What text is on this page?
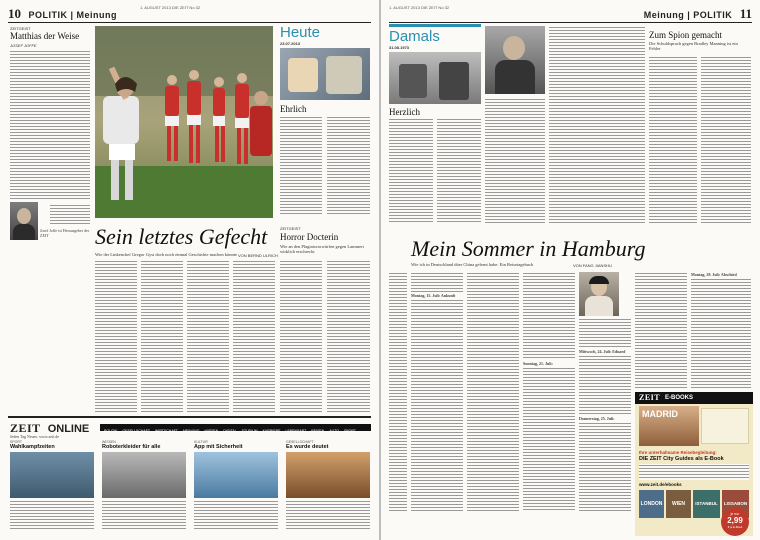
10 POLITIK | Meinung
1. AUGUST 2013 DIE ZEIT No 32
ZEITGEIST
Matthias der Weise
JOSEF JOFFE
Josef Joffe ist Herausgeber der ZEIT
Heute
23.07.2013
Ehrlich
Sein letztes Gefecht
Wie der Linkenchef Gregor Gysi doch noch einmal Geschichte machen könnte VON BERND ULRICH
ZEITGEIST
Horror Docterin
Wie an den Plagiatsvorwürfen gegen Lammert wirklich erschreckt
ZEIT ONLINE
Jeden Tag Neues: www.zeit.de
POLITIK GESELLSCHAFT WIRTSCHAFT MEINUNG WISSEN DIGITAL STUDIUM KARRIERE LEBENSART REISEN AUTO SPORT
SPORT
Wahlkampfzeiten
WISSEN
Roboterkleider für alle
KULTUR
App mit Sicherheit
GESELLSCHAFT
Es wurde deutet
1. AUGUST 2013 DIE ZEIT No 32
Meinung | POLITIK 11
Damals
31.08.1973
Herzlich
Zum Spion gemacht
Die Schuldspruch gegen Bradley Manning ist ein Fehler
Mein Sommer in Hamburg
Wie ich in Deutschland über China gelernt habe. Ein Reisetagebuch	VON FANG JIANSHU
Montag, 15. Juli: Ankunft
Sonntag, 21. Juli:
Mittwoch, 24. Juli: Eduard
Donnerstag, 25. Juli:
Montag, 29. Juli: Abschied
ZEIT E-BOOKS
MADRID
Ihre unterhaltsame Reisebegleitung:
DIE ZEIT City Guides als E-Book
www.zeit.de/ebooks
LONDON	WIEN	ISTANBUL	LISSABON
je nur
2,99
€ je E-Book
